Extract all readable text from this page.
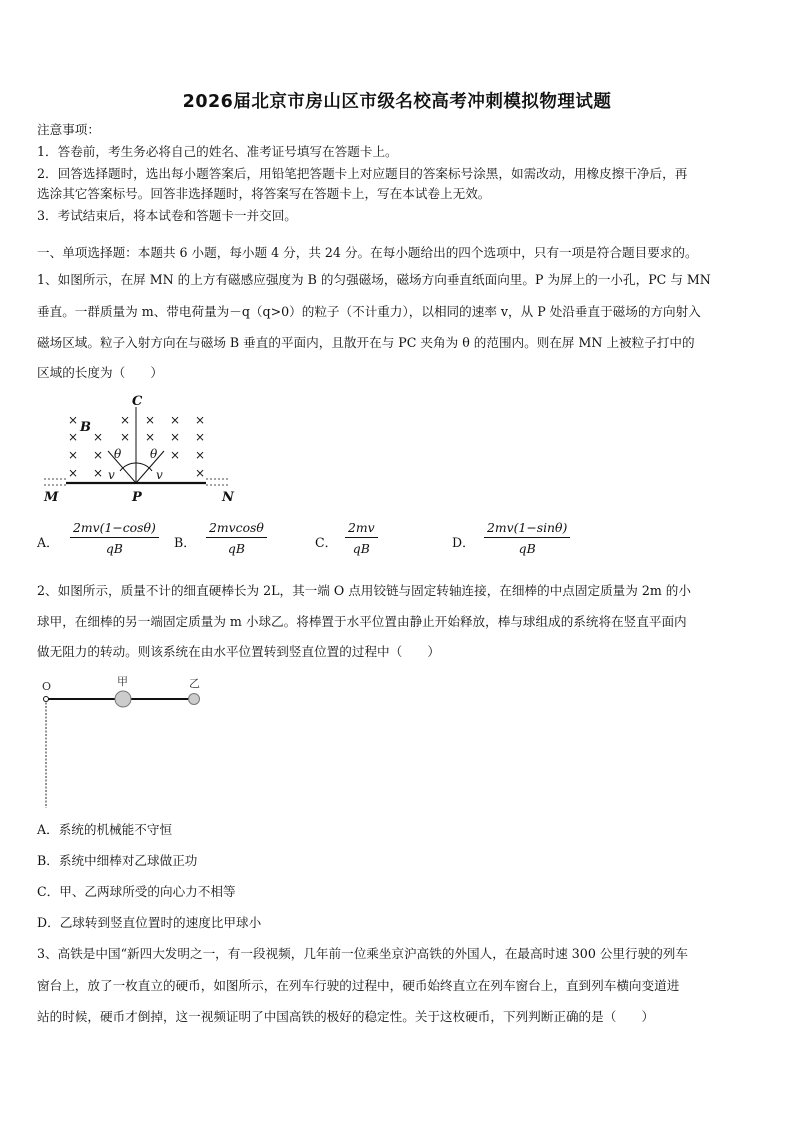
2026届北京市房山区市级名校高考冲刺模拟物理试题
注意事项：
1．答卷前，考生务必将自己的姓名、准考证号填写在答题卡上。
2．回答选择题时，选出每小题答案后，用铅笔把答题卡上对应题目的答案标号涂黑，如需改动，用橡皮擦干净后，再
选涂其它答案标号。回答非选择题时，将答案写在答题卡上，写在本试卷上无效。
3．考试结束后，将本试卷和答题卡一并交回。
一、单项选择题：本题共 6 小题，每小题 4 分，共 24 分。在每小题给出的四个选项中，只有一项是符合题目要求的。
1、如图所示，在屏 MN 的上方有磁感应强度为 B 的匀强磁场，磁场方向垂直纸面向里。P 为屏上的一小孔，PC 与 MN
垂直。一群质量为 m、带电荷量为－q（q>0）的粒子（不计重力），以相同的速率 v，从 P 处沿垂直于磁场的方向射入
磁场区域。粒子入射方向在与磁场 B 垂直的平面内，且散开在与 PC 夹角为 θ 的范围内。则在屏 MN 上被粒子打中的
区域的长度为（　　）
×	× × × ×
× × × × × ×
× ×	× ×
× ×	×
C
B
M	P	N
v	v
θ θ
A． $\frac{2mv(1-\cos\theta)}{qB}$ B． $\frac{2mvcos\theta}{qB}$	C． $\frac{2mv}{qB}$	D． $\frac{2mv(1-\sin\theta)}{qB}$
2、如图所示，质量不计的细直硬棒长为 2L，其一端 O 点用铰链与固定转轴连接，在细棒的中点固定质量为 2m 的小
球甲，在细棒的另一端固定质量为 m 小球乙。将棒置于水平位置由静止开始释放，棒与球组成的系统将在竖直平面内
做无阻力的转动。则该系统在由水平位置转到竖直位置的过程中（　　）
O	甲	乙
A．系统的机械能不守恒
B．系统中细棒对乙球做正功
C．甲、乙两球所受的向心力不相等
D．乙球转到竖直位置时的速度比甲球小
3、高铁是中国“新四大发明之一，有一段视频，几年前一位乘坐京沪高铁的外国人，在最高时速 300 公里行驶的列车
窗台上，放了一枚直立的硬币，如图所示，在列车行驶的过程中，硬币始终直立在列车窗台上，直到列车横向变道进
站的时候，硬币才倒掉，这一视频证明了中国高铁的极好的稳定性。关于这枚硬币，下列判断正确的是（　　）
